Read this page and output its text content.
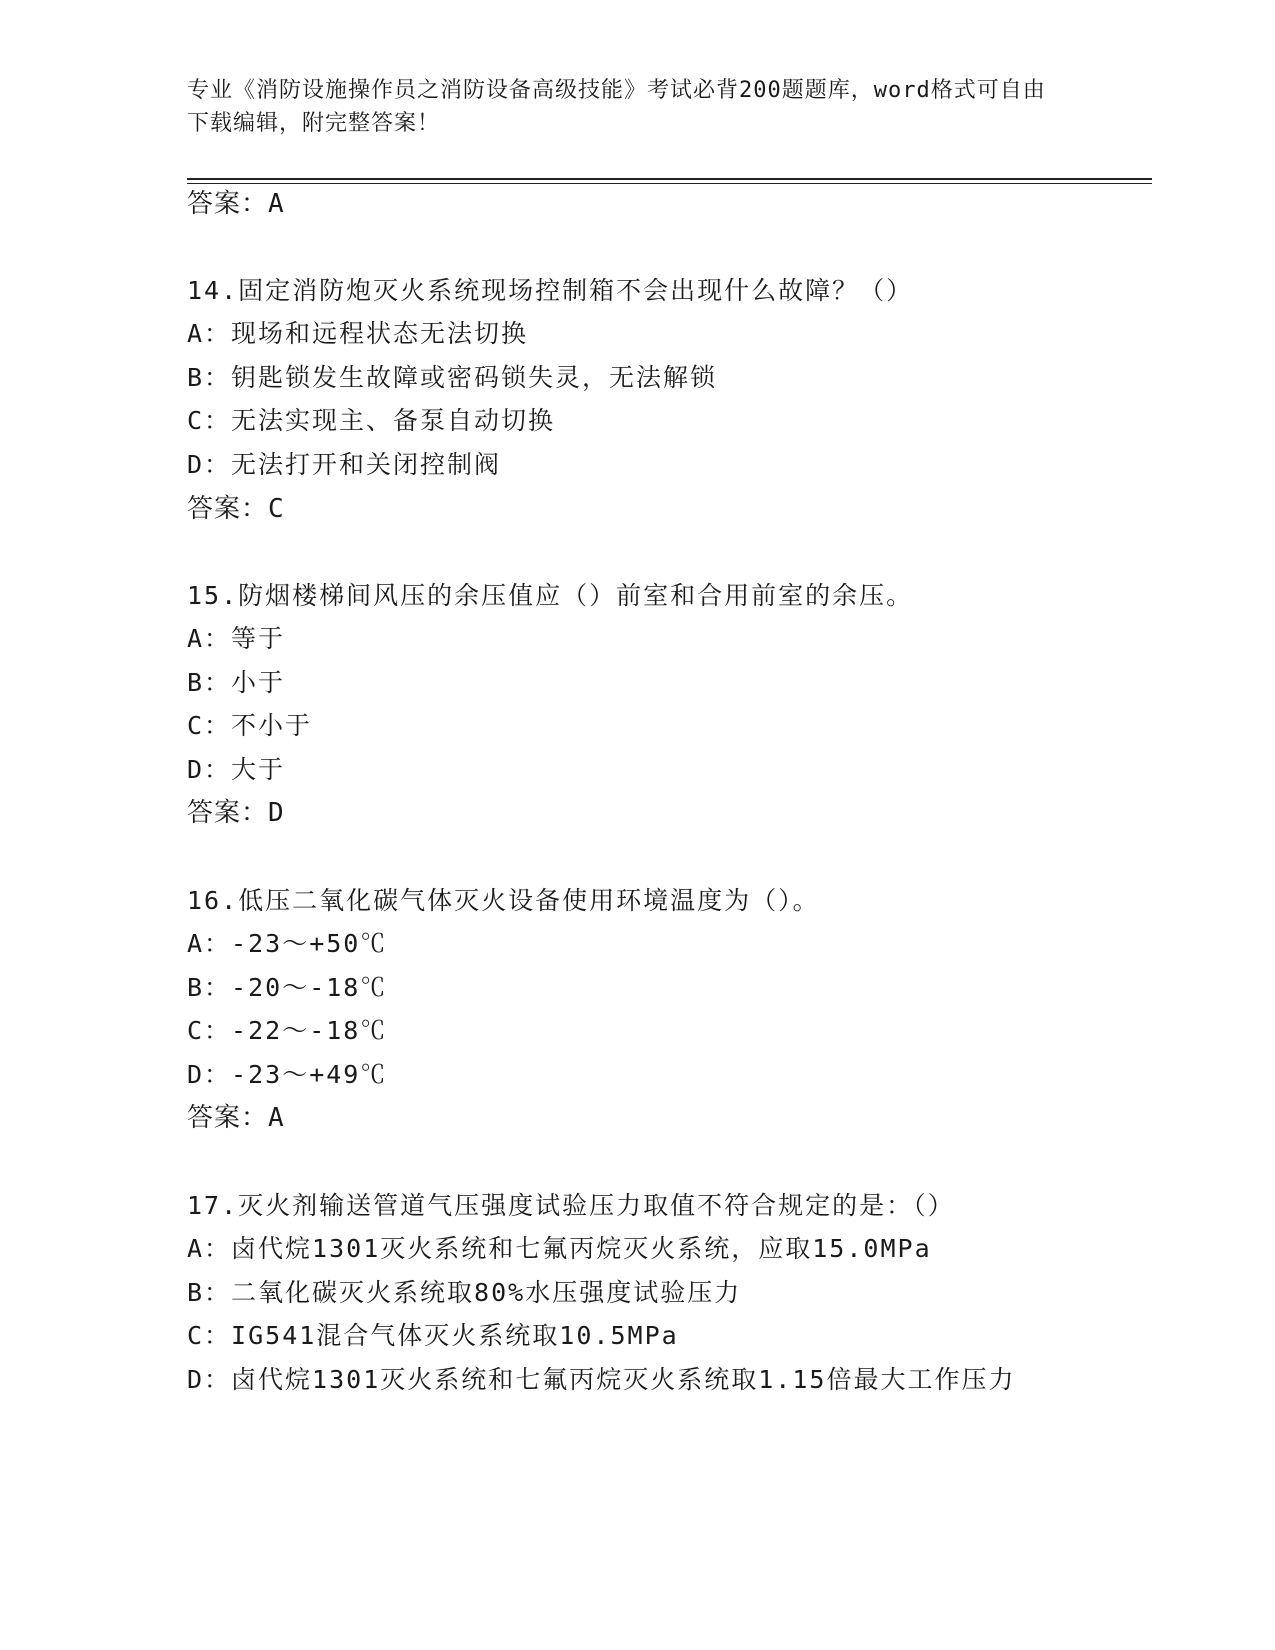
专业《消防设施操作员之消防设备高级技能》考试必背200题题库，word格式可自由下载编辑，附完整答案！

答案：A
14.固定消防炮灭火系统现场控制箱不会出现什么故障？（）
A：现场和远程状态无法切换
B：钥匙锁发生故障或密码锁失灵，无法解锁
C：无法实现主、备泵自动切换
D：无法打开和关闭控制阀
答案：C
15.防烟楼梯间风压的余压值应（）前室和合用前室的余压。
A：等于
B：小于
C：不小于
D：大于
答案：D
16.低压二氧化碳气体灭火设备使用环境温度为（）。
A：-23～+50℃
B：-20～-18℃
C：-22～-18℃
D：-23～+49℃
答案：A
17.灭火剂输送管道气压强度试验压力取值不符合规定的是：（）
A：卤代烷1301灭火系统和七氟丙烷灭火系统，应取15.0MPa
B：二氧化碳灭火系统取80%水压强度试验压力
C：IG541混合气体灭火系统取10.5MPa
D：卤代烷1301灭火系统和七氟丙烷灭火系统取1.15倍最大工作压力
